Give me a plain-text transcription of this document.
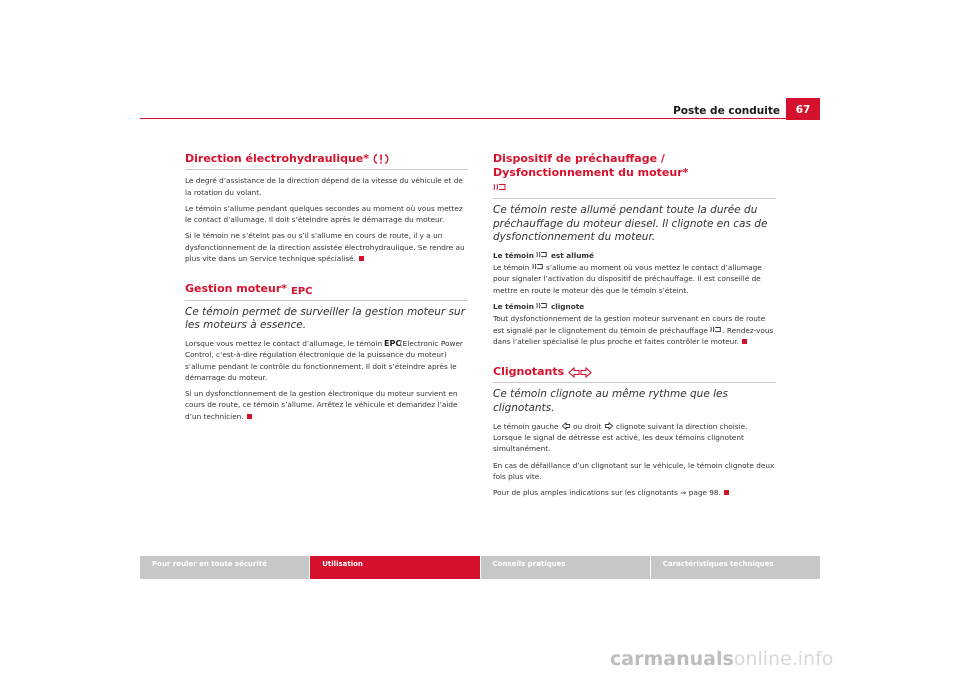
Poste de conduite	67
Direction électrohydraulique*

Le degré d’assistance de la direction dépend de la vitesse du véhicule et de la rotation du volant.

Le témoin s’allume pendant quelques secondes au moment où vous mettez le contact d’allumage. Il doit s’éteindre après le démarrage du moteur.

Si le témoin ne s’éteint pas ou s’il s’allume en cours de route, il y a un dysfonctionnement de la direction assistée électrohydraulique. Se rendre au plus vite dans un Service technique spécialisé.

Gestion moteur* EPC
Ce témoin permet de surveiller la gestion moteur sur les moteurs à essence.

Lorsque vous mettez le contact d’allumage, le témoin EPC
(Electronic Power Control, c’est-à-dire régulation électronique de la puissance du moteur) s’allume pendant le contrôle du fonctionnement. Il doit s’éteindre après le démarrage du moteur.

Si un dysfonctionnement de la gestion électronique du moteur survient en cours de route, ce témoin s’allume. Arrêtez le véhicule et demandez l’aide d’un technicien.

Dispositif de préchauffage / Dysfonctionnement du moteur*

Ce témoin reste allumé pendant toute la durée du préchauffage du moteur diesel. Il clignote en cas de dysfonctionnement du moteur.

Le témoin est allumé

Le témoin s’allume au moment où vous mettez le contact d’allumage pour signaler l’activation du dispositif de préchauffage. Il est conseillé de mettre en route le moteur dès que le témoin s’éteint.

Le témoin clignote

Tout dysfonctionnement de la gestion moteur survenant en cours de route est signalé par le clignotement du témoin de préchauffage . Rendez-vous dans l’atelier spécialisé le plus proche et faites contrôler le moteur.

Clignotants
Ce témoin clignote au même rythme que les clignotants.

Le témoin gauche ou droit clignote suivant la direction choisie. Lorsque le signal de détresse est activé, les deux témoins clignotent simultanément.

En cas de défaillance d’un clignotant sur le véhicule, le témoin clignote deux fois plus vite.

Pour de plus amples indications sur les clignotants ⇒ page 98.

Pour rouler en toute sécurité	Utilisation	Conseils pratiques	Caractéristiques techniques
carmanualsonline.info
